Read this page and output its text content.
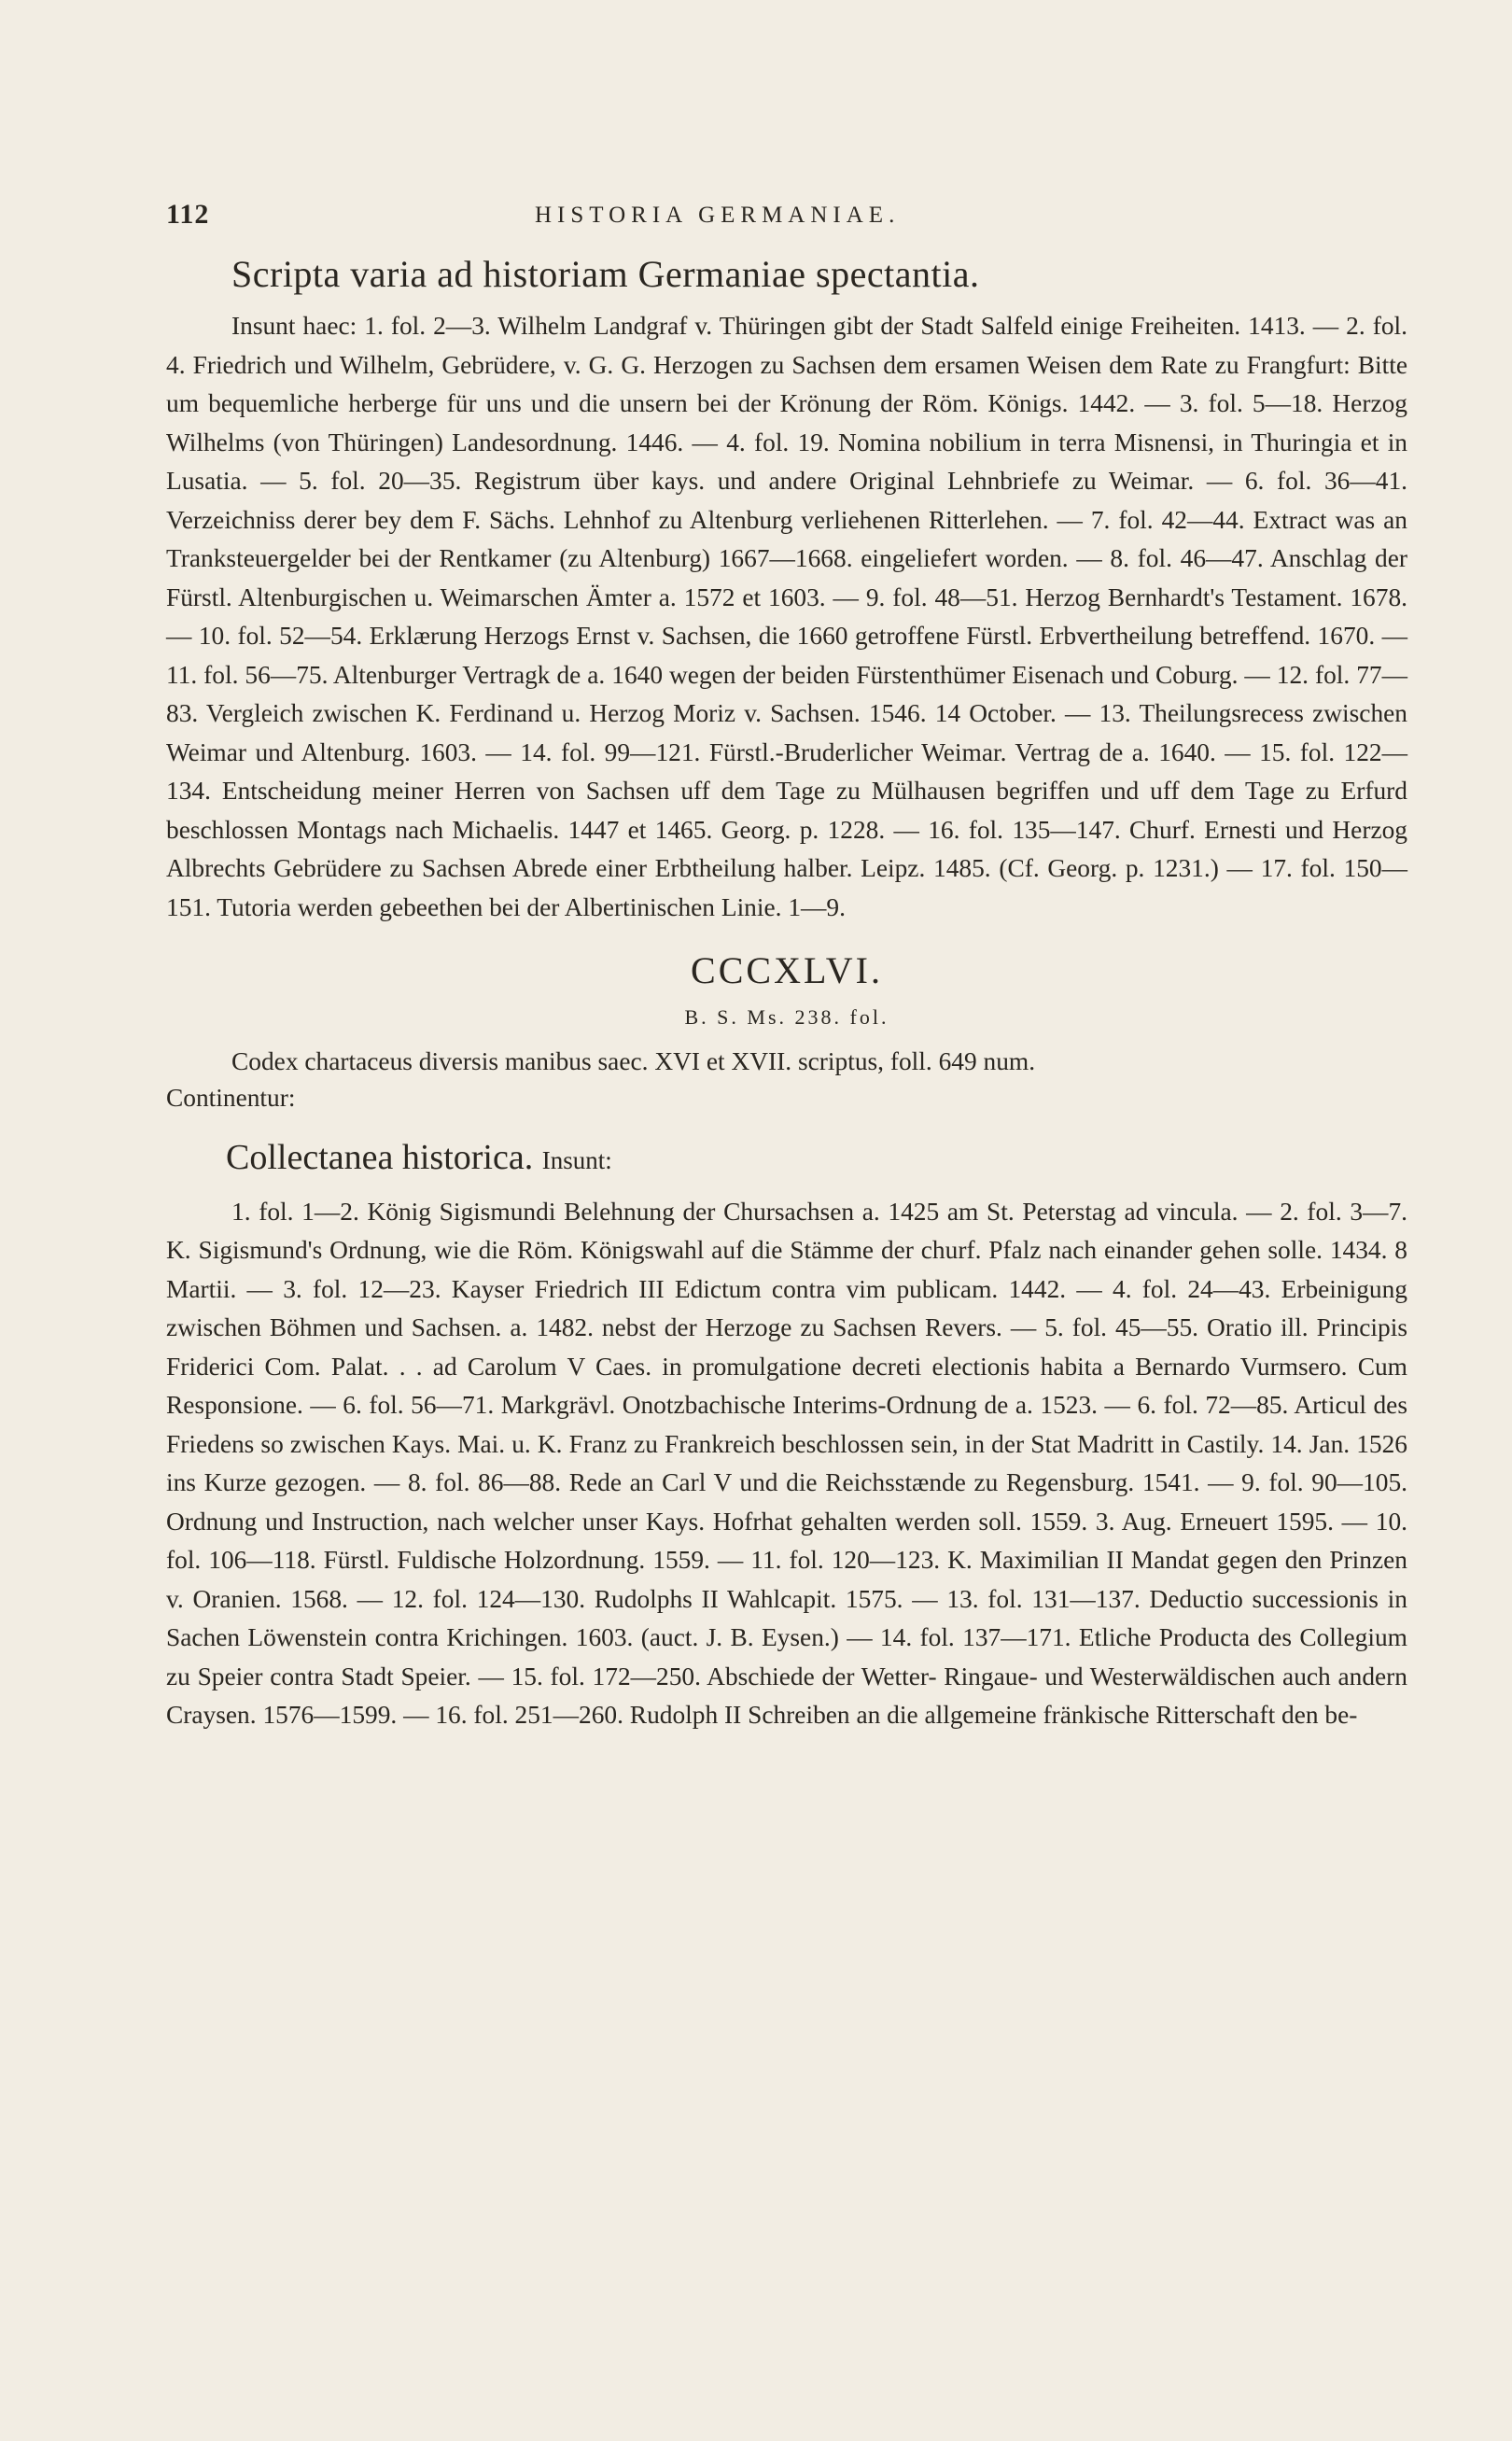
112	HISTORIA GERMANIAE.
Scripta varia ad historiam Germaniae spectantia.

Insunt haec: 1. fol. 2—3. Wilhelm Landgraf v. Thüringen gibt der Stadt Salfeld einige Freiheiten. 1413. — 2. fol. 4. Friedrich und Wilhelm, Gebrüdere, v. G. G. Herzogen zu Sachsen dem ersamen Weisen dem Rate zu Frangfurt: Bitte um bequemliche herberge für uns und die unsern bei der Krönung der Röm. Königs. 1442. — 3. fol. 5—18. Herzog Wilhelms (von Thüringen) Landesordnung. 1446. — 4. fol. 19. Nomina nobilium in terra Misnensi, in Thuringia et in Lusatia. — 5. fol. 20—35. Registrum über kays. und andere Original Lehnbriefe zu Weimar. — 6. fol. 36—41. Verzeichniss derer bey dem F. Sächs. Lehnhof zu Altenburg verliehenen Ritterlehen. — 7. fol. 42—44. Extract was an Tranksteuergelder bei der Rentkamer (zu Altenburg) 1667—1668. eingeliefert worden. — 8. fol. 46—47. Anschlag der Fürstl. Altenburgischen u. Weimarschen Ämter a. 1572 et 1603. — 9. fol. 48—51. Herzog Bernhardt's Testament. 1678. — 10. fol. 52—54. Erklærung Herzogs Ernst v. Sachsen, die 1660 getroffene Fürstl. Erbvertheilung betreffend. 1670. — 11. fol. 56—75. Altenburger Vertragk de a. 1640 wegen der beiden Fürstenthümer Eisenach und Coburg. — 12. fol. 77—83. Vergleich zwischen K. Ferdinand u. Herzog Moriz v. Sachsen. 1546. 14 October. — 13. Theilungsrecess zwischen Weimar und Altenburg. 1603. — 14. fol. 99—121. Fürstl.-Bruderlicher Weimar. Vertrag de a. 1640. — 15. fol. 122—134. Entscheidung meiner Herren von Sachsen uff dem Tage zu Mülhausen begriffen und uff dem Tage zu Erfurd beschlossen Montags nach Michaelis. 1447 et 1465. Georg. p. 1228. — 16. fol. 135—147. Churf. Ernesti und Herzog Albrechts Gebrüdere zu Sachsen Abrede einer Erbtheilung halber. Leipz. 1485. (Cf. Georg. p. 1231.) — 17. fol. 150—151. Tutoria werden gebeethen bei der Albertinischen Linie. 1—9.

CCCXLVI.
B. S. Ms. 238. fol.

Codex chartaceus diversis manibus saec. XVI et XVII. scriptus, foll. 649 num.

Continentur:

Collectanea historica. Insunt:

1. fol. 1—2. König Sigismundi Belehnung der Chursachsen a. 1425 am St. Peterstag ad vincula. — 2. fol. 3—7. K. Sigismund's Ordnung, wie die Röm. Königswahl auf die Stämme der churf. Pfalz nach einander gehen solle. 1434. 8 Martii. — 3. fol. 12—23. Kayser Friedrich III Edictum contra vim publicam. 1442. — 4. fol. 24—43. Erbeinigung zwischen Böhmen und Sachsen. a. 1482. nebst der Herzoge zu Sachsen Revers. — 5. fol. 45—55. Oratio ill. Principis Friderici Com. Palat. . . ad Carolum V Caes. in promulgatione decreti electionis habita a Bernardo Vurmsero. Cum Responsione. — 6. fol. 56—71. Markgrävl. Onotzbachische Interims-Ordnung de a. 1523. — 6. fol. 72—85. Articul des Friedens so zwischen Kays. Mai. u. K. Franz zu Frankreich beschlossen sein, in der Stat Madritt in Castily. 14. Jan. 1526 ins Kurze gezogen. — 8. fol. 86—88. Rede an Carl V und die Reichsstænde zu Regensburg. 1541. — 9. fol. 90—105. Ordnung und Instruction, nach welcher unser Kays. Hofrhat gehalten werden soll. 1559. 3. Aug. Erneuert 1595. — 10. fol. 106—118. Fürstl. Fuldische Holzordnung. 1559. — 11. fol. 120—123. K. Maximilian II Mandat gegen den Prinzen v. Oranien. 1568. — 12. fol. 124—130. Rudolphs II Wahlcapit. 1575. — 13. fol. 131—137. Deductio successionis in Sachen Löwenstein contra Krichingen. 1603. (auct. J. B. Eysen.) — 14. fol. 137—171. Etliche Producta des Collegium zu Speier contra Stadt Speier. — 15. fol. 172—250. Abschiede der Wetter- Ringaue- und Westerwäldischen auch andern Craysen. 1576—1599. — 16. fol. 251—260. Rudolph II Schreiben an die allgemeine fränkische Ritterschaft den be-
